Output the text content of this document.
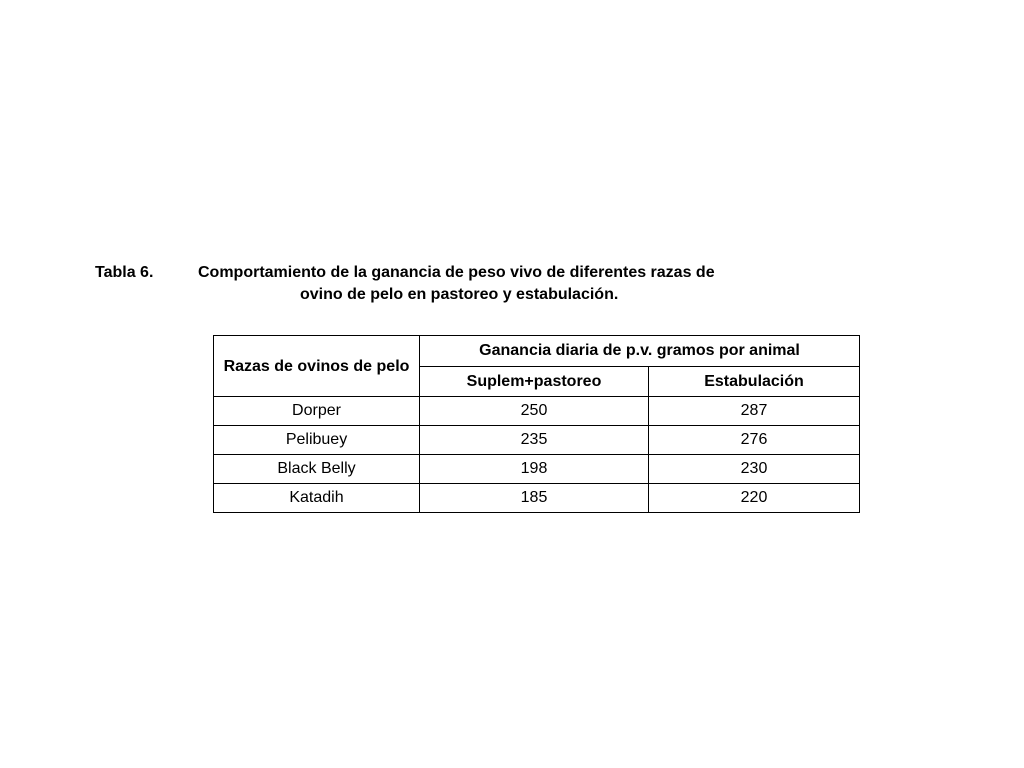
Tabla 6.	Comportamiento de la ganancia de peso vivo de diferentes razas de
ovino de pelo en pastoreo y estabulación.
Razas de ovinos de pelo	Ganancia diaria de p.v. gramos por animal	
	Suplem+pastoreo	Estabulación
Dorper	250	287
Pelibuey	235	276
Black Belly	198	230
Katadih	185	220
